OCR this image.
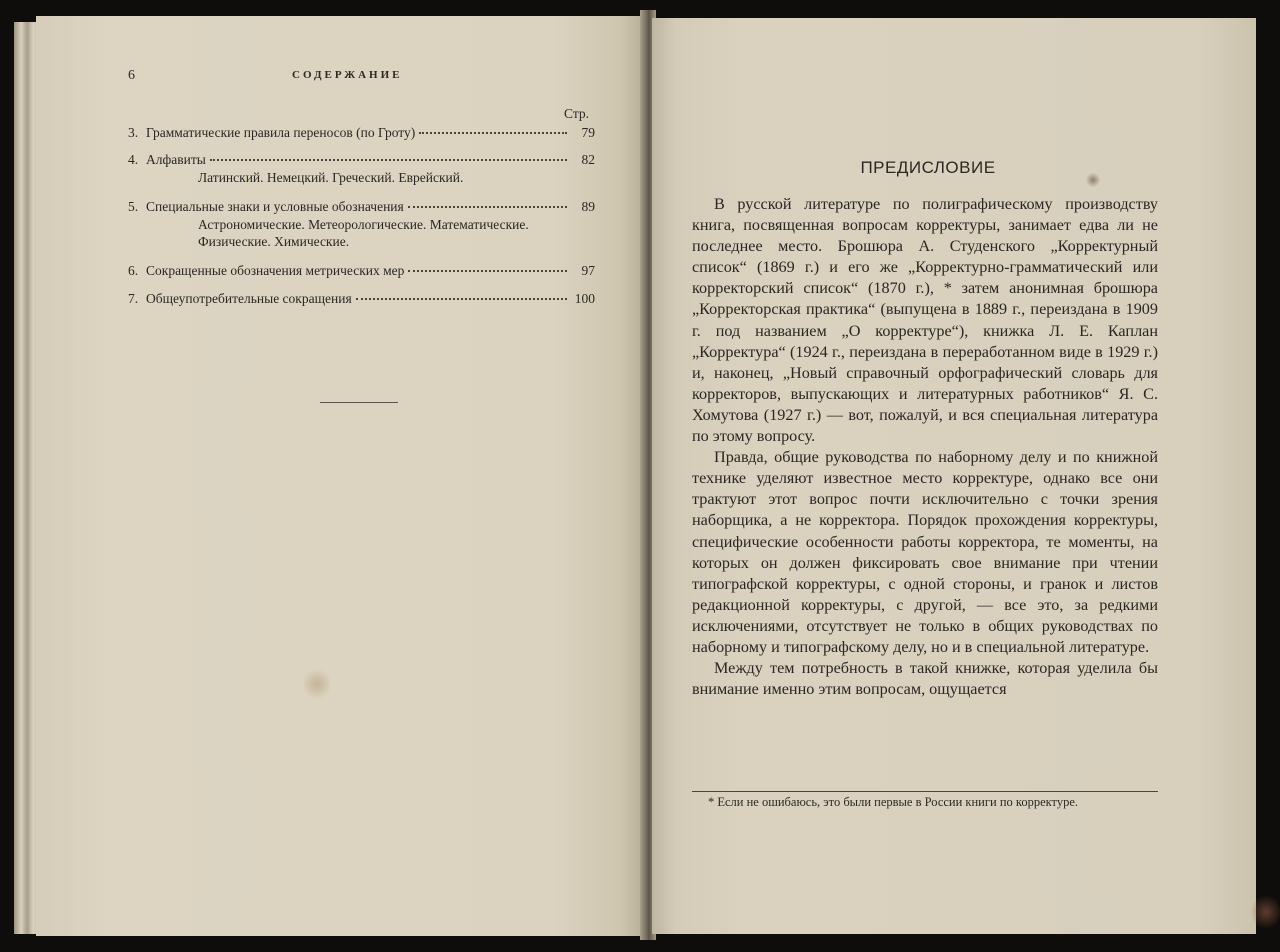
6	СОДЕРЖАНИЕ
Стр.
3. Грамматические правила переносов (по Гроту)	79
4. Алфавиты	82
Латинский. Немецкий. Греческий. Еврейский.
5. Специальные знаки и условные обозначения	89
Астрономические. Метеорологические. Математические. Физические. Химические.
6. Сокращенные обозначения метрических мер	97
7. Общеупотребительные сокращения	100
ПРЕДИСЛОВИЕ

В русской литературе по полиграфическому производству книга, посвященная вопросам корректуры, занимает едва ли не последнее место. Брошюра А. Студенского „Корректурный список“ (1869 г.) и его же „Корректурно-грамматический или корректорский список“ (1870 г.), * затем анонимная брошюра „Корректорская практика“ (выпущена в 1889 г., переиздана в 1909 г. под названием „О корректуре“), книжка Л. Е. Каплан „Корректура“ (1924 г., переиздана в переработанном виде в 1929 г.) и, наконец, „Новый справочный орфографический словарь для корректоров, выпускающих и литературных работников“ Я. С. Хомутова (1927 г.) — вот, пожалуй, и вся специальная литература по этому вопросу.

Правда, общие руководства по наборному делу и по книжной технике уделяют известное место корректуре, однако все они трактуют этот вопрос почти исключительно с точки зрения наборщика, а не корректора. Порядок прохождения корректуры, специфические особенности работы корректора, те моменты, на которых он должен фиксировать свое внимание при чтении типографской корректуры, с одной стороны, и гранок и листов редакционной корректуры, с другой, — все это, за редкими исключениями, отсутствует не только в общих руководствах по наборному и типографскому делу, но и в специальной литературе.

Между тем потребность в такой книжке, которая уделила бы внимание именно этим вопросам, ощущается

* Если не ошибаюсь, это были первые в России книги по корректуре.
